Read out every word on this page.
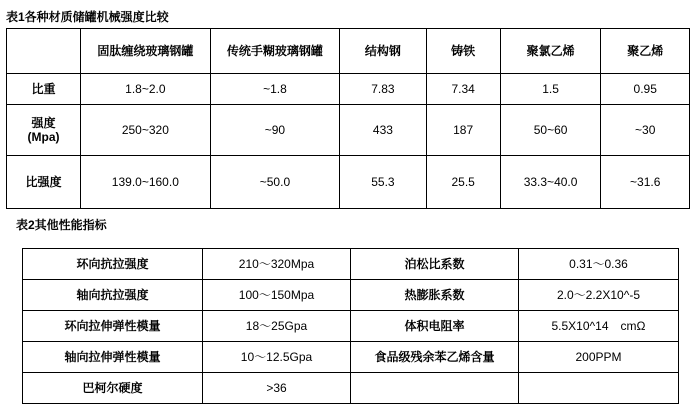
表1各种材质储罐机械强度比较
	固肽缠绕玻璃钢罐	传统手糊玻璃钢罐	结构钢	铸铁	聚氯乙烯	聚乙烯
比重	1.8~2.0	~1.8	7.83	7.34	1.5	0.95

强度
(Mpa)	250~320	~90	433	187	50~60	~30
比强度	139.0~160.0	~50.0	55.3	25.5	33.3~40.0	~31.6
表2其他性能指标
环向抗拉强度	210～320Mpa	泊松比系数	0.31～0.36
轴向抗拉强度	100～150Mpa	热膨胀系数	2.0～2.2X10^-5
环向拉伸弹性模量	18～25Gpa	体积电阻率	5.5X10^14　cmΩ
轴向拉伸弹性模量	10～12.5Gpa	食品级残余苯乙烯含量	200PPM
巴柯尔硬度	>36		
